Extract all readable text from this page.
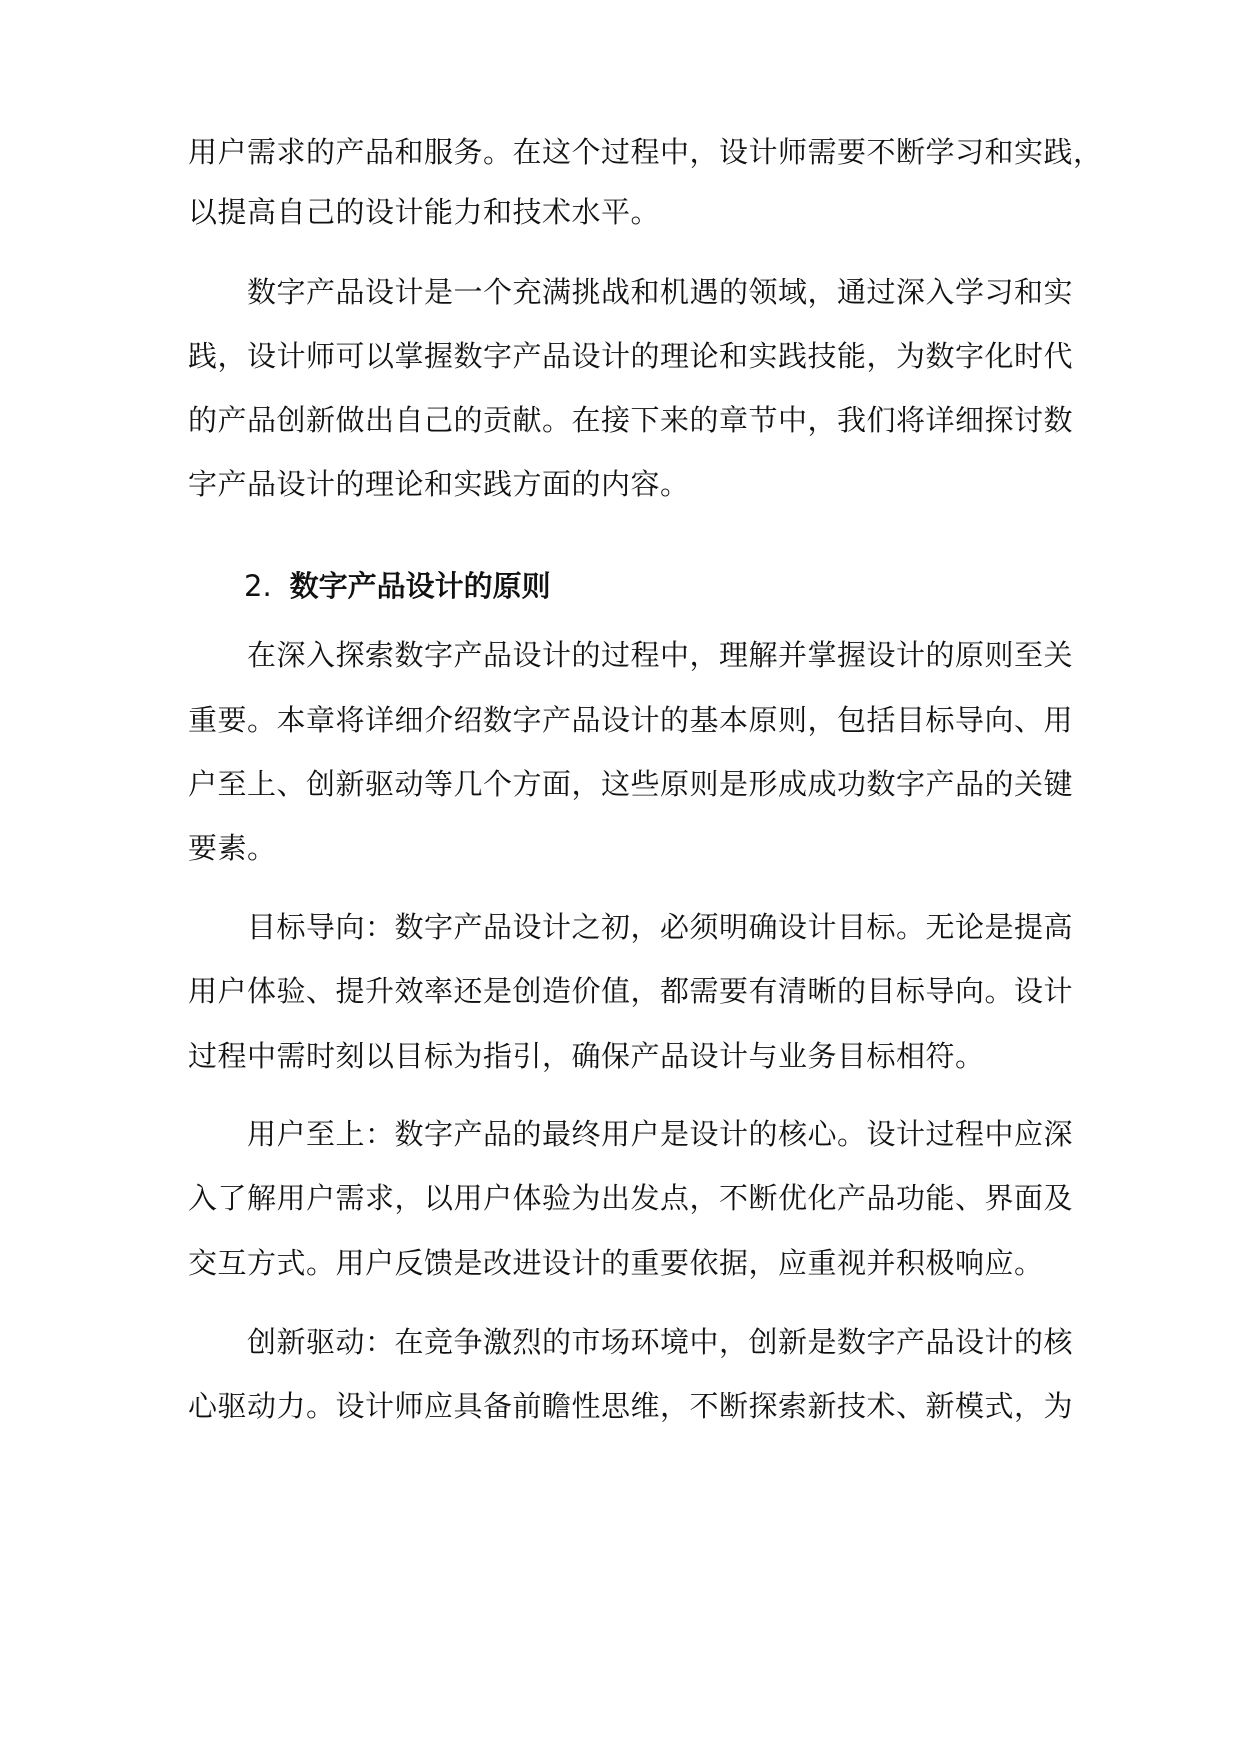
用户需求的产品和服务。在这个过程中，设计师需要不断学习和实践，
以提高自己的设计能力和技术水平。
数字产品设计是一个充满挑战和机遇的领域，通过深入学习和实
践，设计师可以掌握数字产品设计的理论和实践技能，为数字化时代
的产品创新做出自己的贡献。在接下来的章节中，我们将详细探讨数
字产品设计的理论和实践方面的内容。
2. 数字产品设计的原则
在深入探索数字产品设计的过程中，理解并掌握设计的原则至关
重要。本章将详细介绍数字产品设计的基本原则，包括目标导向、用
户至上、创新驱动等几个方面，这些原则是形成成功数字产品的关键
要素。
目标导向：数字产品设计之初，必须明确设计目标。无论是提高
用户体验、提升效率还是创造价值，都需要有清晰的目标导向。设计
过程中需时刻以目标为指引，确保产品设计与业务目标相符。
用户至上：数字产品的最终用户是设计的核心。设计过程中应深
入了解用户需求，以用户体验为出发点，不断优化产品功能、界面及
交互方式。用户反馈是改进设计的重要依据，应重视并积极响应。
创新驱动：在竞争激烈的市场环境中，创新是数字产品设计的核
心驱动力。设计师应具备前瞻性思维，不断探索新技术、新模式，为
